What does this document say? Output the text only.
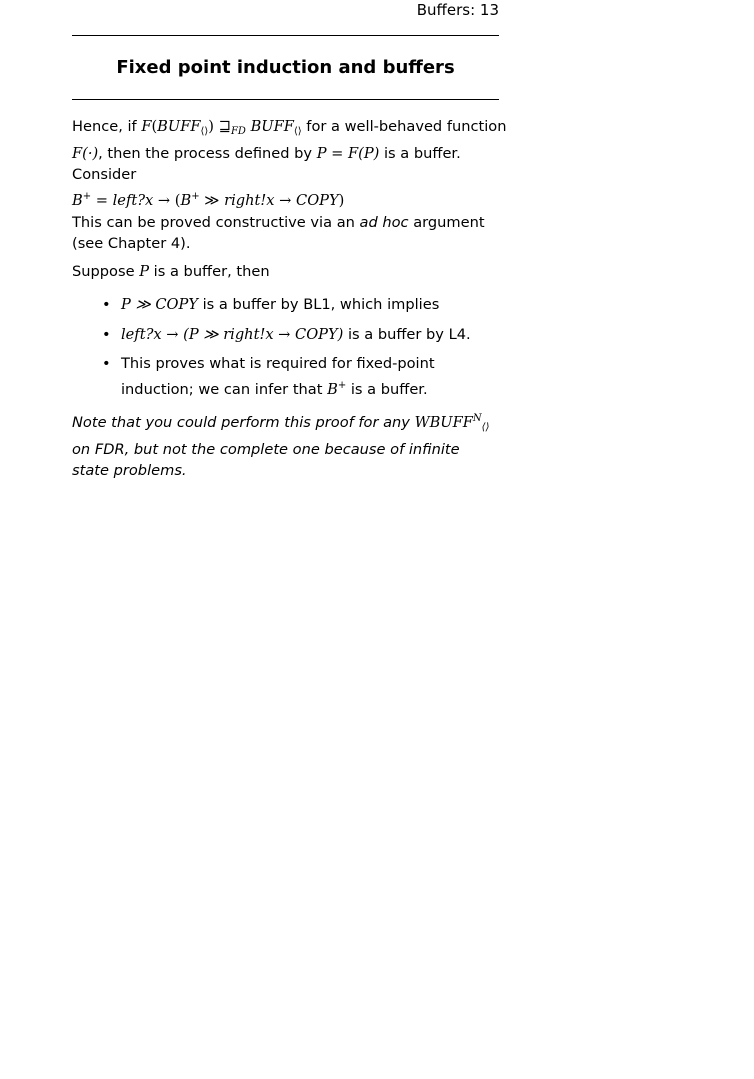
Buffers: 13
Fixed point induction and buffers

Hence, if $F(BUFF_{⟨⟩})$ $⊒_{FD}$ $BUFF_{⟨⟩}$ for a well-behaved function F(·), then the process defined by P = F(P) is a buffer. Consider

B+ = left?x → (B+ ≫ right!x → COPY)

This can be proved constructive via an ad hoc argument (see Chapter 4).

Suppose P is a buffer, then

• P ≫ COPY is a buffer by BL1, which implies
• left?x → (P ≫ right!x → COPY) is a buffer by L4.
• This proves what is required for fixed-point induction; we can infer that B+ is a buffer.

Note that you could perform this proof for any $WBUFF^N_{⟨⟩}$ on FDR, but not the complete one because of infinite state problems.
